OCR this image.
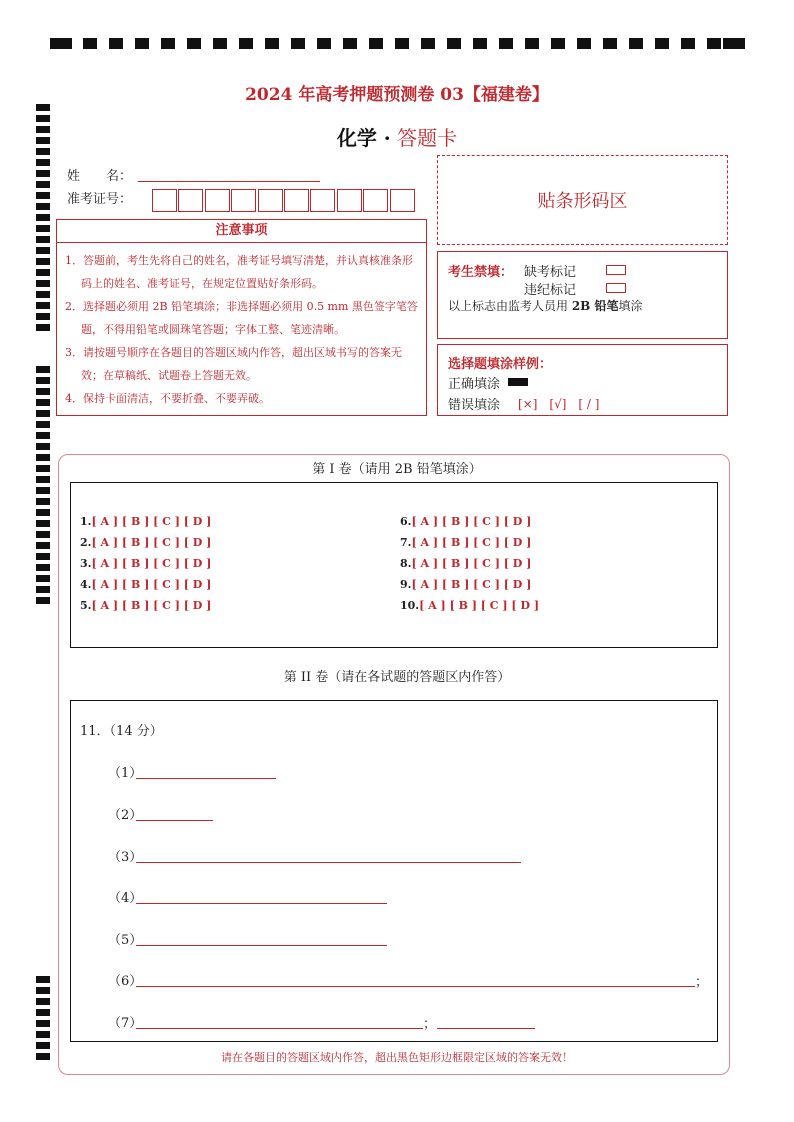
2024 年高考押题预测卷 03【福建卷】
化学 · 答题卡
姓　　名：
准考证号：	贴条形码区
注意事项
1．答题前，考生先将自己的姓名，准考证号填写清楚，并认真核准条形码上的姓名、准考证号，在规定位置贴好条形码。
2．选择题必须用 2B 铅笔填涂；非选择题必须用 0.5 mm 黑色签字笔答题，不得用铅笔或圆珠笔答题；字体工整、笔迹清晰。
3．请按题号顺序在各题目的答题区域内作答，超出区域书写的答案无效；在草稿纸、试题卷上答题无效。
4．保持卡面清洁，不要折叠、不要弄破。
考生禁填： 缺考标记
违纪标记
以上标志由监考人员用 2B 铅笔填涂
选择题填涂样例：
正确填涂
错误填涂 [×]　[√]　[ / ]
第 I 卷（请用 2B 铅笔填涂）
1.[ A ] [ B ] [ C ] [ D ]
2.[ A ] [ B ] [ C ] [ D ]
3.[ A ] [ B ] [ C ] [ D ]
4.[ A ] [ B ] [ C ] [ D ]
5.[ A ] [ B ] [ C ] [ D ]
6.[ A ] [ B ] [ C ] [ D ]
7.[ A ] [ B ] [ C ] [ D ]
8.[ A ] [ B ] [ C ] [ D ]
9.[ A ] [ B ] [ C ] [ D ]
10.[ A ] [ B ] [ C ] [ D ]
第 II 卷（请在各试题的答题区内作答）
11．（14 分）
（1）
（2）
（3）
（4）
（5）
（6）
（7）
；
；
请在各题目的答题区域内作答，超出黑色矩形边框限定区域的答案无效！
